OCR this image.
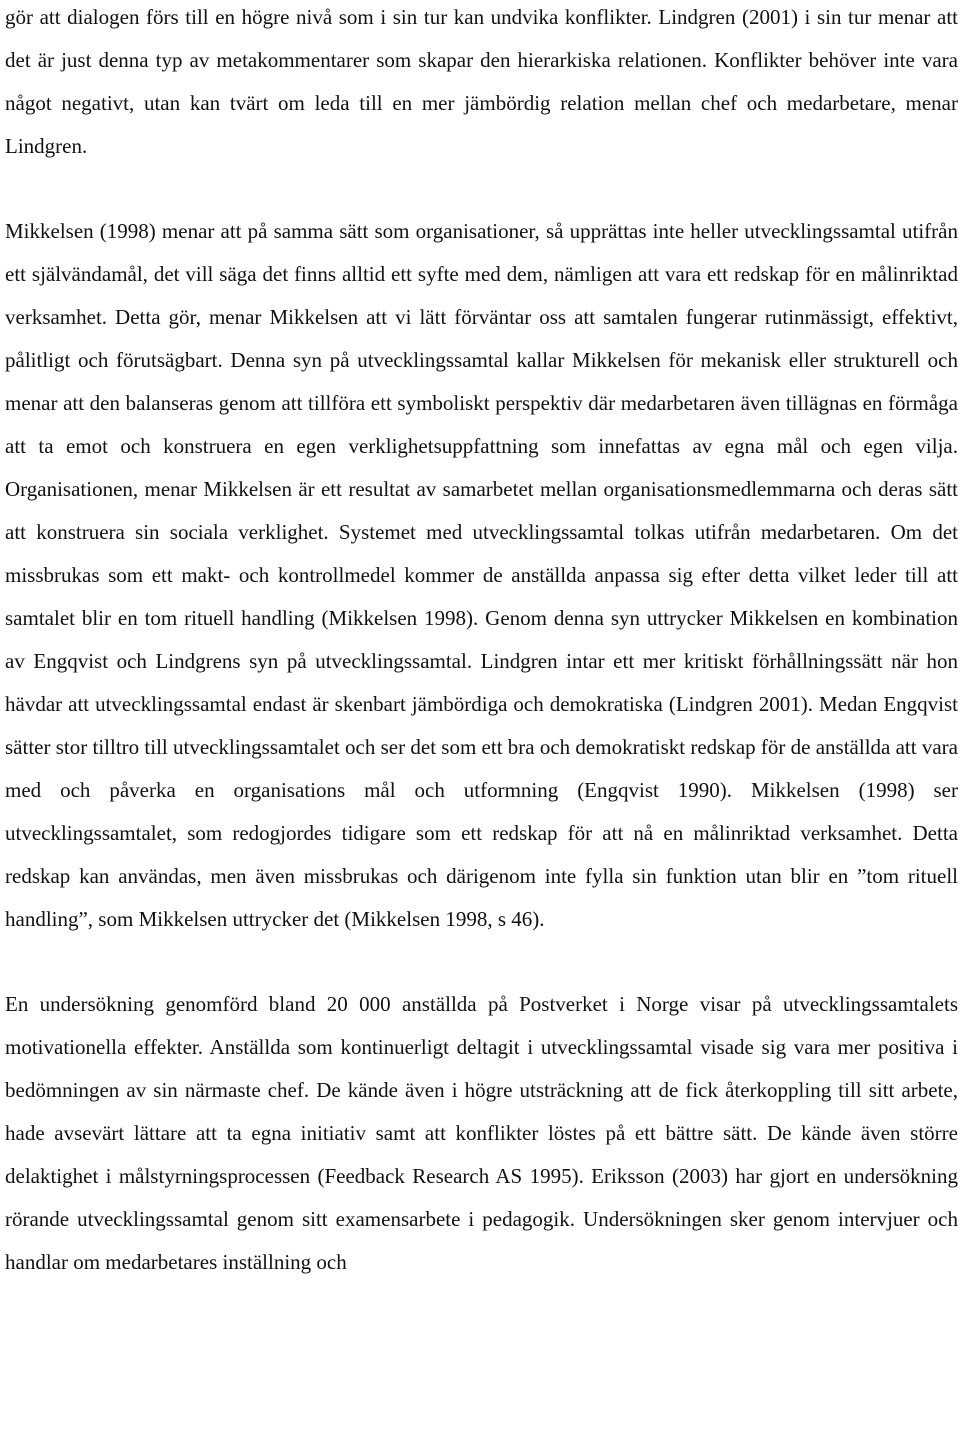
gör att dialogen förs till en högre nivå som i sin tur kan undvika konflikter. Lindgren (2001) i sin tur menar att det är just denna typ av metakommentarer som skapar den hierarkiska relationen. Konflikter behöver inte vara något negativt, utan kan tvärt om leda till en mer jämbördig relation mellan chef och medarbetare, menar Lindgren.

Mikkelsen (1998) menar att på samma sätt som organisationer, så upprättas inte heller utvecklingssamtal utifrån ett självändamål, det vill säga det finns alltid ett syfte med dem, nämligen att vara ett redskap för en målinriktad verksamhet. Detta gör, menar Mikkelsen att vi lätt förväntar oss att samtalen fungerar rutinmässigt, effektivt, pålitligt och förutsägbart. Denna syn på utvecklingssamtal kallar Mikkelsen för mekanisk eller strukturell och menar att den balanseras genom att tillföra ett symboliskt perspektiv där medarbetaren även tillägnas en förmåga att ta emot och konstruera en egen verklighetsuppfattning som innefattas av egna mål och egen vilja. Organisationen, menar Mikkelsen är ett resultat av samarbetet mellan organisationsmedlemmarna och deras sätt att konstruera sin sociala verklighet. Systemet med utvecklingssamtal tolkas utifrån medarbetaren. Om det missbrukas som ett makt- och kontrollmedel kommer de anställda anpassa sig efter detta vilket leder till att samtalet blir en tom rituell handling (Mikkelsen 1998). Genom denna syn uttrycker Mikkelsen en kombination av Engqvist och Lindgrens syn på utvecklingssamtal. Lindgren intar ett mer kritiskt förhållningssätt när hon hävdar att utvecklingssamtal endast är skenbart jämbördiga och demokratiska (Lindgren 2001). Medan Engqvist sätter stor tilltro till utvecklingssamtalet och ser det som ett bra och demokratiskt redskap för de anställda att vara med och påverka en organisations mål och utformning (Engqvist 1990). Mikkelsen (1998) ser utvecklingssamtalet, som redogjordes tidigare som ett redskap för att nå en målinriktad verksamhet. Detta redskap kan användas, men även missbrukas och därigenom inte fylla sin funktion utan blir en ”tom rituell handling”, som Mikkelsen uttrycker det (Mikkelsen 1998, s 46).

En undersökning genomförd bland 20 000 anställda på Postverket i Norge visar på utvecklingssamtalets motivationella effekter. Anställda som kontinuerligt deltagit i utvecklingssamtal visade sig vara mer positiva i bedömningen av sin närmaste chef. De kände även i högre utsträckning att de fick återkoppling till sitt arbete, hade avsevärt lättare att ta egna initiativ samt att konflikter löstes på ett bättre sätt. De kände även större delaktighet i målstyrningsprocessen (Feedback Research AS 1995). Eriksson (2003) har gjort en undersökning rörande utvecklingssamtal genom sitt examensarbete i pedagogik. Undersökningen sker genom intervjuer och handlar om medarbetares inställning och
